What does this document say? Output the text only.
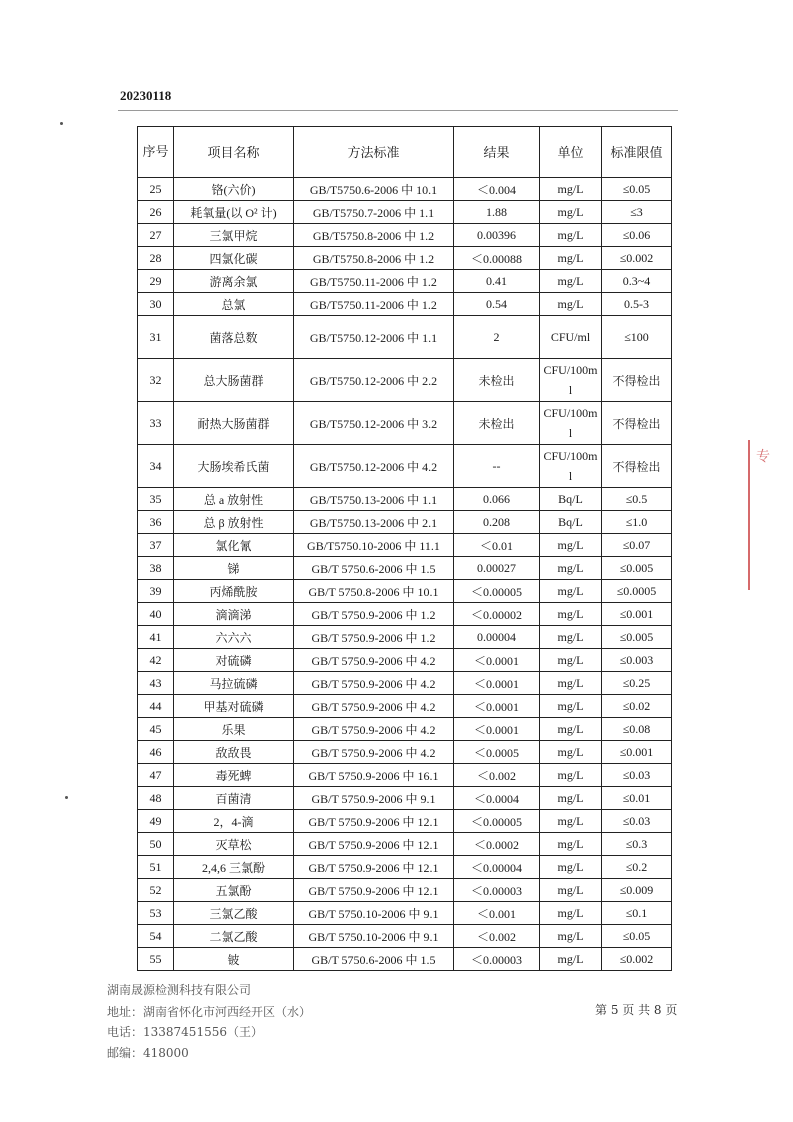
20230118
序号	项目名称	方法标准	结果	单位	标准限值
25	铬(六价)	GB/T5750.6-2006 中 10.1	＜0.004	mg/L	≤0.05
26	耗氧量(以 O² 计)	GB/T5750.7-2006 中 1.1	1.88	mg/L	≤3
27	三氯甲烷	GB/T5750.8-2006 中 1.2	0.00396	mg/L	≤0.06
28	四氯化碳	GB/T5750.8-2006 中 1.2	＜0.00088	mg/L	≤0.002
29	游离余氯	GB/T5750.11-2006 中 1.2	0.41	mg/L	0.3~4
30	总氯	GB/T5750.11-2006 中 1.2	0.54	mg/L	0.5-3
31	菌落总数	GB/T5750.12-2006 中 1.1	2	CFU/ml	≤100
32	总大肠菌群	GB/T5750.12-2006 中 2.2	未检出	CFU/100ml	不得检出
33	耐热大肠菌群	GB/T5750.12-2006 中 3.2	未检出	CFU/100ml	不得检出
34	大肠埃希氏菌	GB/T5750.12-2006 中 4.2	--	CFU/100ml	不得检出
35	总 a 放射性	GB/T5750.13-2006 中 1.1	0.066	Bq/L	≤0.5
36	总 β 放射性	GB/T5750.13-2006 中 2.1	0.208	Bq/L	≤1.0
37	氯化氰	GB/T5750.10-2006 中 11.1	＜0.01	mg/L	≤0.07
38	锑	GB/T 5750.6-2006 中 1.5	0.00027	mg/L	≤0.005
39	丙烯酰胺	GB/T 5750.8-2006 中 10.1	＜0.00005	mg/L	≤0.0005
40	滴滴涕	GB/T 5750.9-2006 中 1.2	＜0.00002	mg/L	≤0.001
41	六六六	GB/T 5750.9-2006 中 1.2	0.00004	mg/L	≤0.005
42	对硫磷	GB/T 5750.9-2006 中 4.2	＜0.0001	mg/L	≤0.003
43	马拉硫磷	GB/T 5750.9-2006 中 4.2	＜0.0001	mg/L	≤0.25
44	甲基对硫磷	GB/T 5750.9-2006 中 4.2	＜0.0001	mg/L	≤0.02
45	乐果	GB/T 5750.9-2006 中 4.2	＜0.0001	mg/L	≤0.08
46	敌敌畏	GB/T 5750.9-2006 中 4.2	＜0.0005	mg/L	≤0.001
47	毒死蜱	GB/T 5750.9-2006 中 16.1	＜0.002	mg/L	≤0.03
48	百菌清	GB/T 5750.9-2006 中 9.1	＜0.0004	mg/L	≤0.01
49	2，4-滴	GB/T 5750.9-2006 中 12.1	＜0.00005	mg/L	≤0.03
50	灭草松	GB/T 5750.9-2006 中 12.1	＜0.0002	mg/L	≤0.3
51	2,4,6 三氯酚	GB/T 5750.9-2006 中 12.1	＜0.00004	mg/L	≤0.2
52	五氯酚	GB/T 5750.9-2006 中 12.1	＜0.00003	mg/L	≤0.009
53	三氯乙酸	GB/T 5750.10-2006 中 9.1	＜0.001	mg/L	≤0.1
54	二氯乙酸	GB/T 5750.10-2006 中 9.1	＜0.002	mg/L	≤0.05
55	铍	GB/T 5750.6-2006 中 1.5	＜0.00003	mg/L	≤0.002
专
湖南晟源检测科技有限公司
地址：湖南省怀化市河西经开区（水）
电话：13387451556（王）
邮编：418000
第 5 页 共 8 页
